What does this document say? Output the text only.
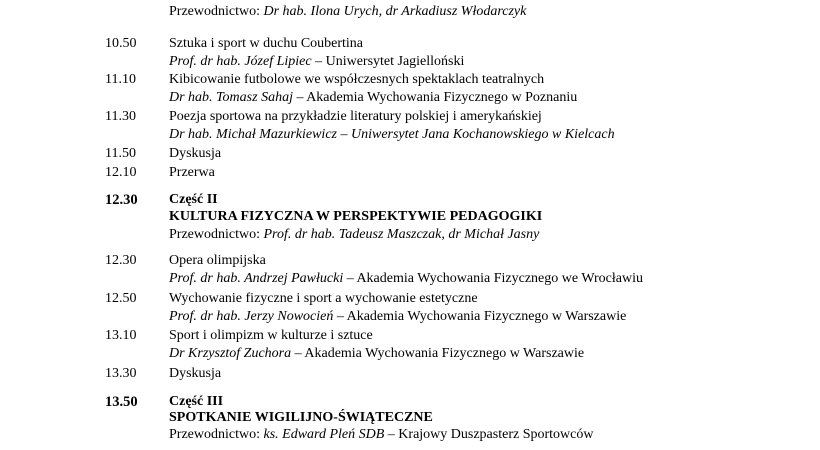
Przewodnictwo: Dr hab. Ilona Urych, dr Arkadiusz Włodarczyk
10.50 Sztuka i sport w duchu Coubertina
Prof. dr hab. Józef Lipiec – Uniwersytet Jagielloński
11.10 Kibicowanie futbolowe we współczesnych spektaklach teatralnych
Dr hab. Tomasz Sahaj – Akademia Wychowania Fizycznego w Poznaniu
11.30 Poezja sportowa na przykładzie literatury polskiej i amerykańskiej
Dr hab. Michał Mazurkiewicz – Uniwersytet Jana Kochanowskiego w Kielcach
11.50 Dyskusja
12.10 Przerwa
12.30 Część II
KULTURA FIZYCZNA W PERSPEKTYWIE PEDAGOGIKI
Przewodnictwo: Prof. dr hab. Tadeusz Maszczak, dr Michał Jasny
12.30 Opera olimpijska
Prof. dr hab. Andrzej Pawłucki – Akademia Wychowania Fizycznego we Wrocławiu
12.50 Wychowanie fizyczne i sport a wychowanie estetyczne
Prof. dr hab. Jerzy Nowocień – Akademia Wychowania Fizycznego w Warszawie
13.10 Sport i olimpizm w kulturze i sztuce
Dr Krzysztof Zuchora – Akademia Wychowania Fizycznego w Warszawie
13.30 Dyskusja
13.50 Część III
SPOTKANIE WIGILIJNO-ŚWIĄTECZNE
Przewodnictwo: ks. Edward Pleń SDB – Krajowy Duszpasterz Sportowców
